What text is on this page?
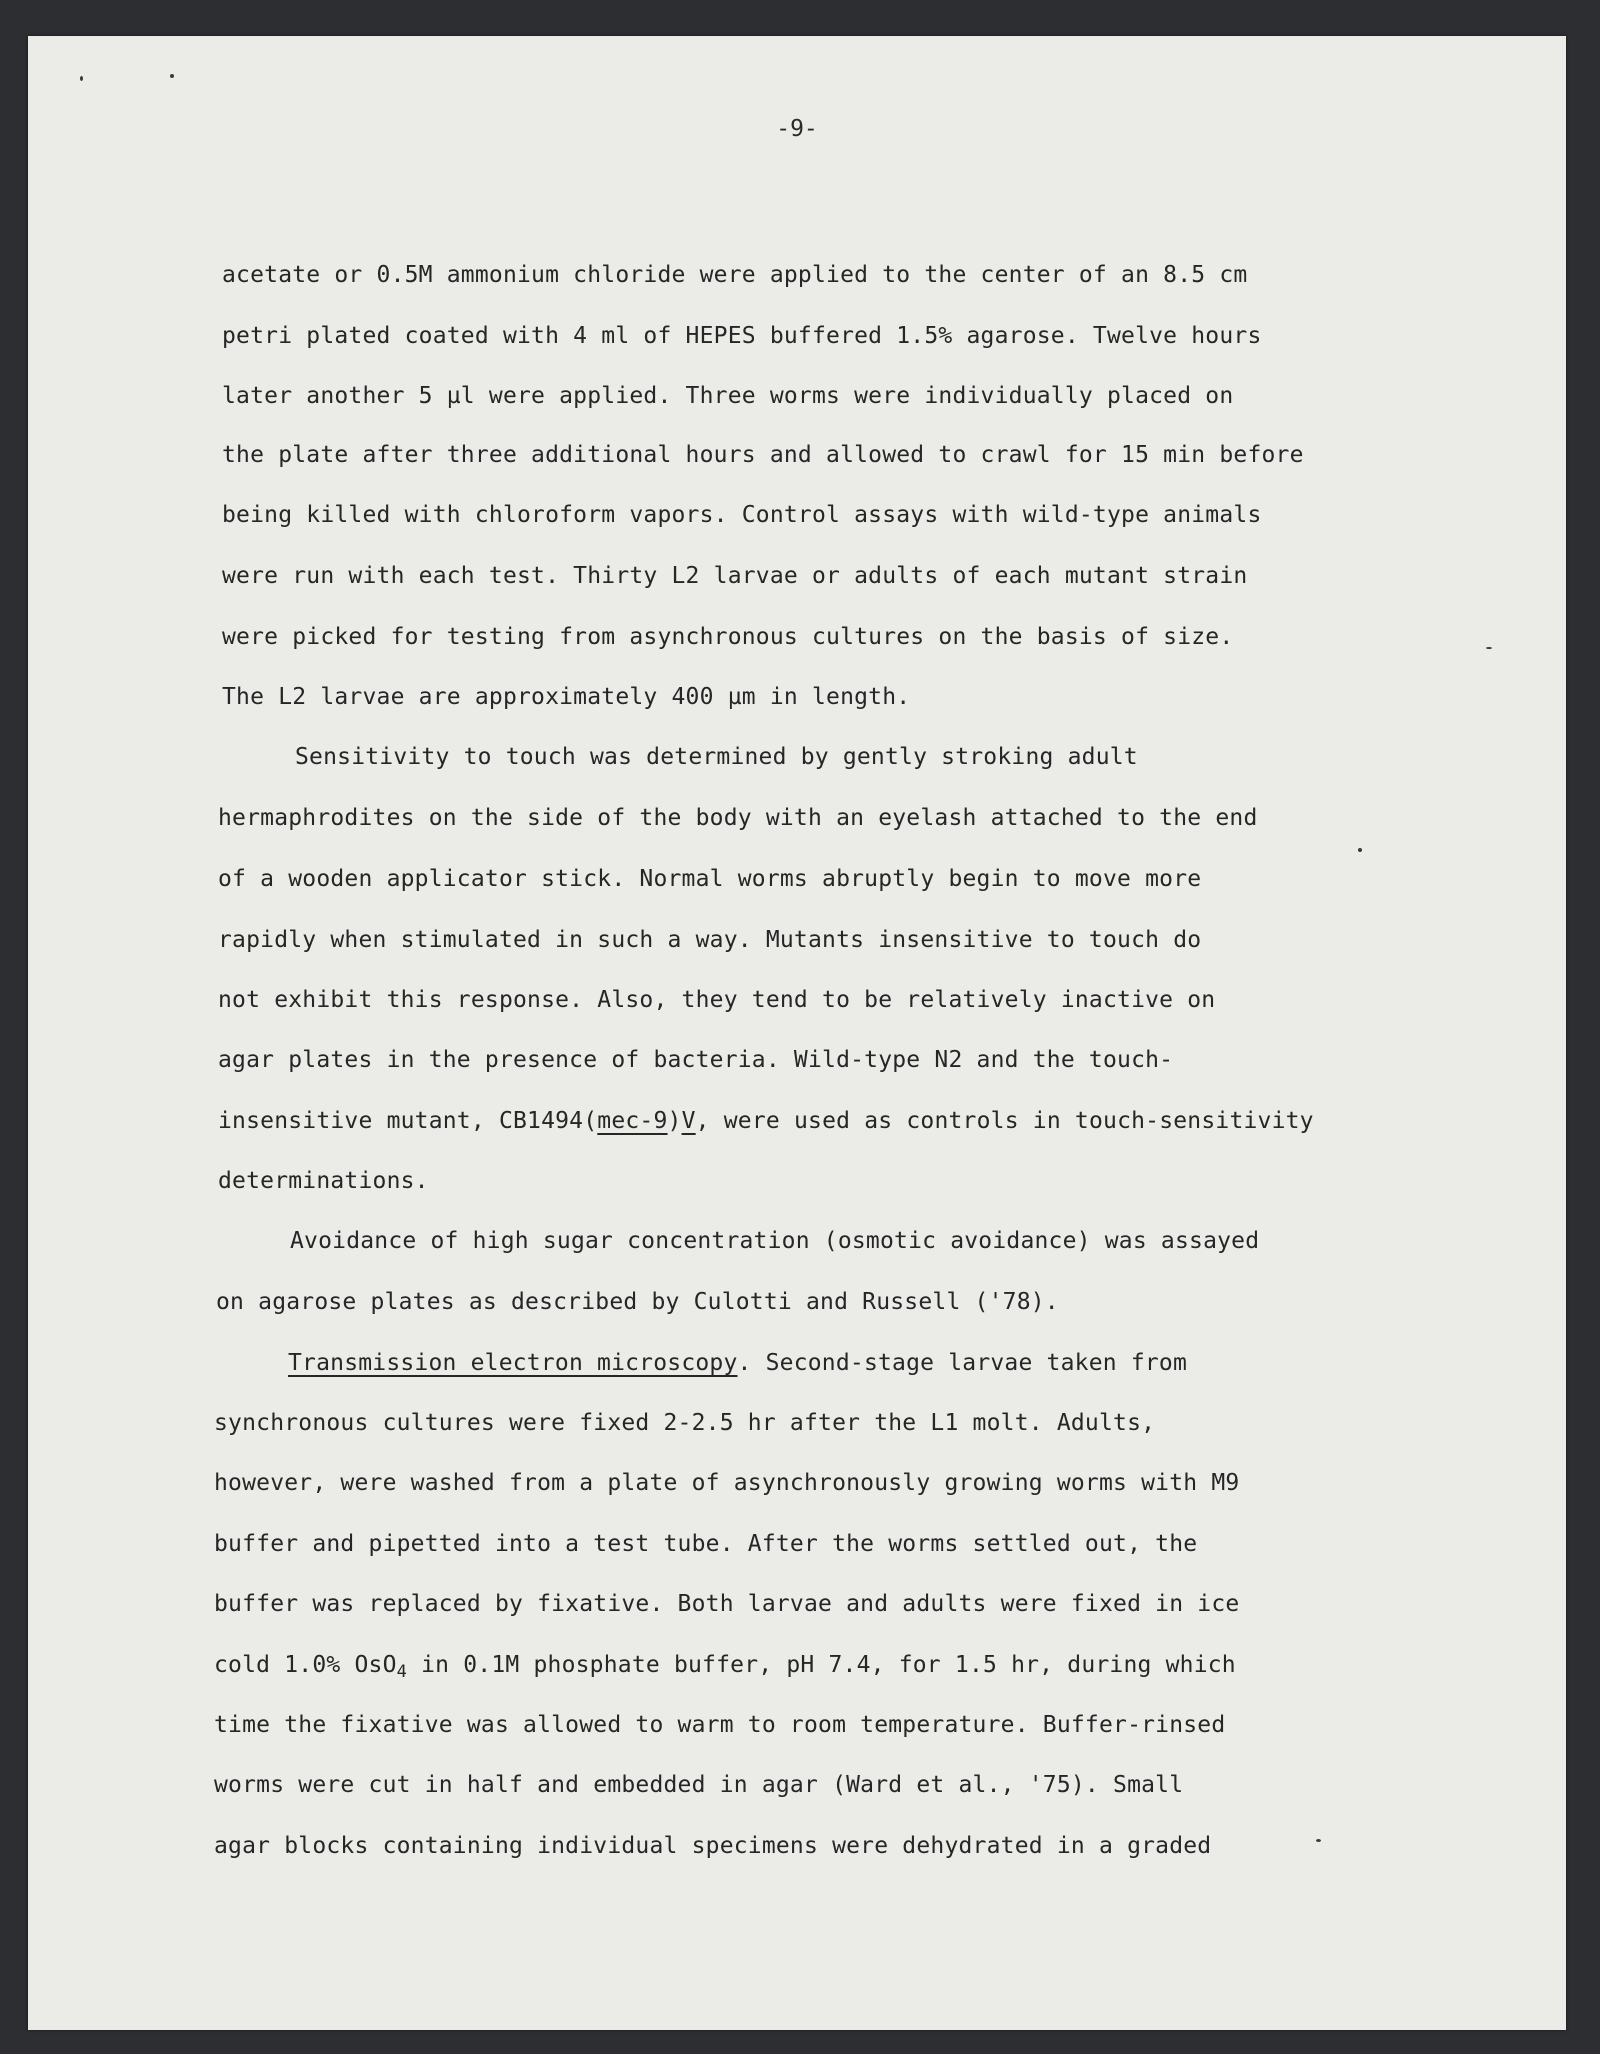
-9-
acetate or 0.5M ammonium chloride were applied to the center of an 8.5 cm
petri plated coated with 4 ml of HEPES buffered 1.5% agarose. Twelve hours
later another 5 µl were applied. Three worms were individually placed on
the plate after three additional hours and allowed to crawl for 15 min before
being killed with chloroform vapors. Control assays with wild-type animals
were run with each test. Thirty L2 larvae or adults of each mutant strain
were picked for testing from asynchronous cultures on the basis of size.
The L2 larvae are approximately 400 µm in length.
Sensitivity to touch was determined by gently stroking adult
hermaphrodites on the side of the body with an eyelash attached to the end
of a wooden applicator stick. Normal worms abruptly begin to move more
rapidly when stimulated in such a way. Mutants insensitive to touch do
not exhibit this response. Also, they tend to be relatively inactive on
agar plates in the presence of bacteria. Wild-type N2 and the touch-
insensitive mutant, CB1494(mec-9)V, were used as controls in touch-sensitivity
determinations.
Avoidance of high sugar concentration (osmotic avoidance) was assayed
on agarose plates as described by Culotti and Russell ('78).
Transmission electron microscopy. Second-stage larvae taken from
synchronous cultures were fixed 2-2.5 hr after the L1 molt. Adults,
however, were washed from a plate of asynchronously growing worms with M9
buffer and pipetted into a test tube. After the worms settled out, the
buffer was replaced by fixative. Both larvae and adults were fixed in ice
cold 1.0% OsO$_4$ in 0.1M phosphate buffer, pH 7.4, for 1.5 hr, during which
time the fixative was allowed to warm to room temperature. Buffer-rinsed
worms were cut in half and embedded in agar (Ward et al., '75). Small
agar blocks containing individual specimens were dehydrated in a graded
